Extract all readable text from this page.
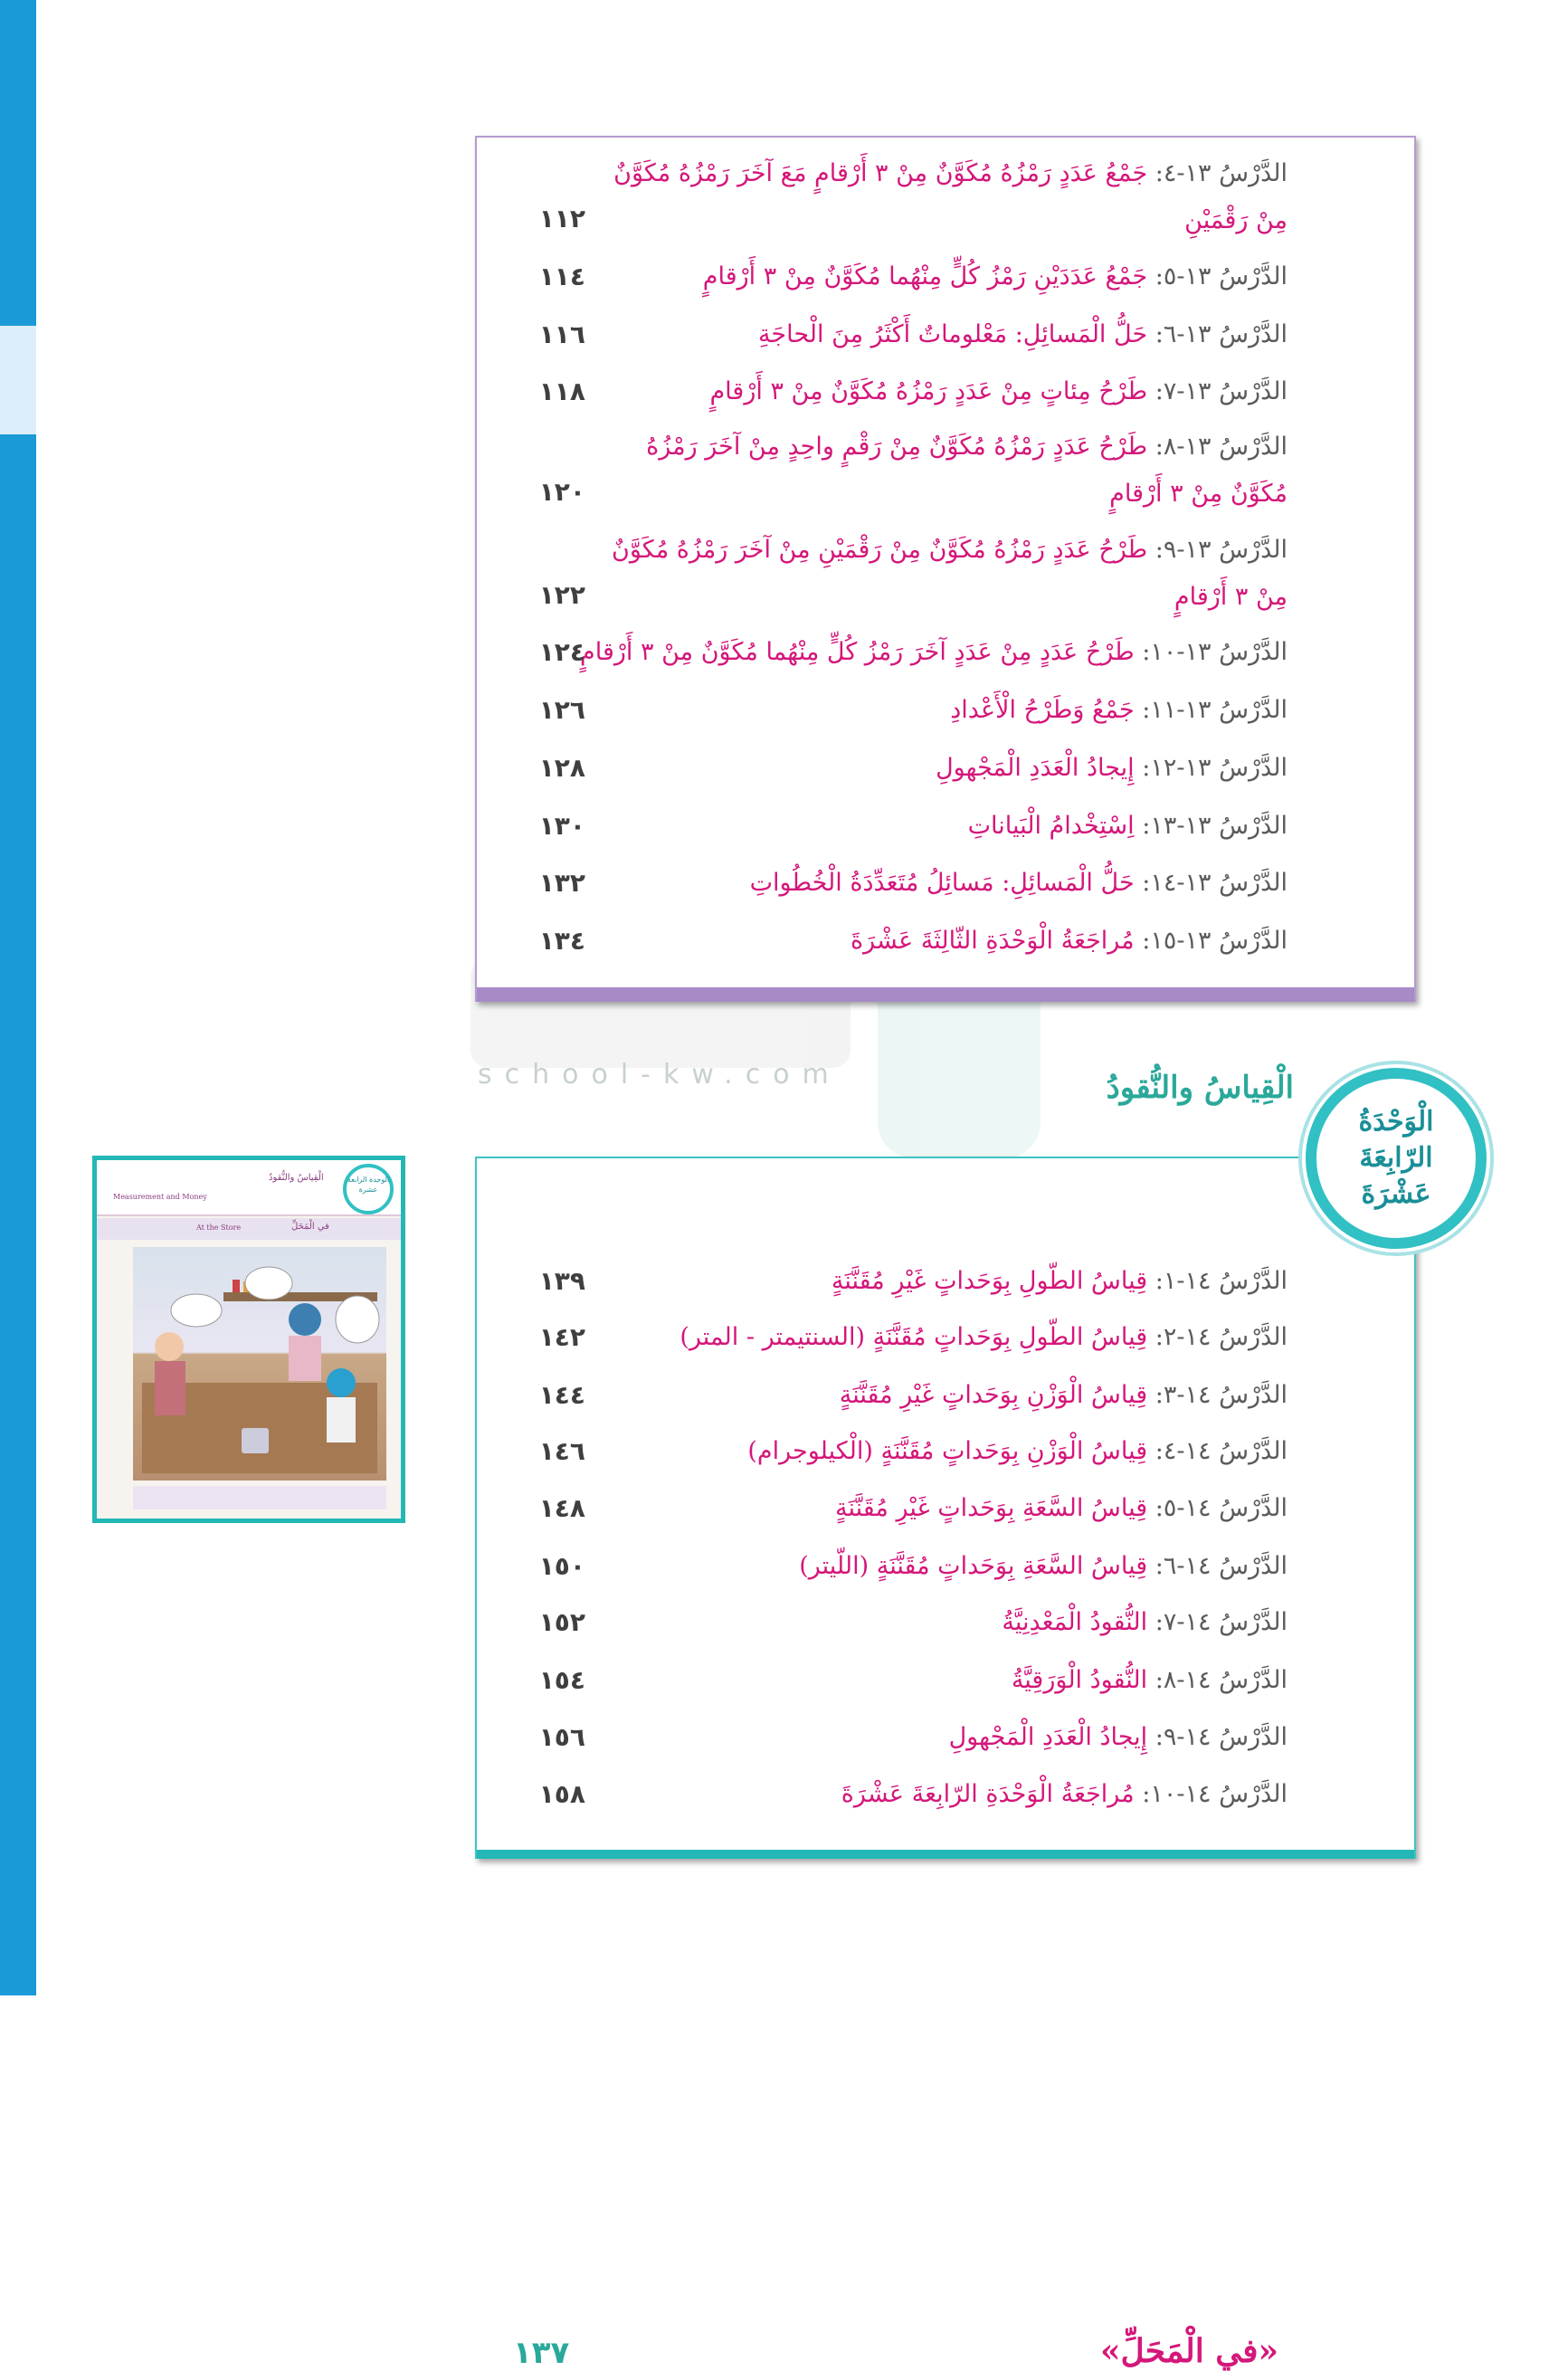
school-kw.com
الدَّرْسُ ١٣-٤: جَمْعُ عَدَدٍ رَمْزُهُ مُكَوَّنٌ مِنْ ٣ أَرْقامٍ مَعَ آخَرَ رَمْزُهُ مُكَوَّنٌ مِنْ رَقْمَيْنِ
١١٢
الدَّرْسُ ١٣-٥: جَمْعُ عَدَدَيْنِ رَمْزُ كُلٍّ مِنْهُما مُكَوَّنٌ مِنْ ٣ أَرْقامٍ
١١٤
الدَّرْسُ ١٣-٦: حَلُّ الْمَسائِلِ: مَعْلوماتٌ أَكْثَرُ مِنَ الْحاجَةِ
١١٦
الدَّرْسُ ١٣-٧: طَرْحُ مِئاتٍ مِنْ عَدَدٍ رَمْزُهُ مُكَوَّنٌ مِنْ ٣ أَرْقامٍ
١١٨
الدَّرْسُ ١٣-٨: طَرْحُ عَدَدٍ رَمْزُهُ مُكَوَّنٌ مِنْ رَقْمٍ واحِدٍ مِنْ آخَرَ رَمْزُهُ مُكَوَّنٌ مِنْ ٣ أَرْقامٍ
١٢٠
الدَّرْسُ ١٣-٩: طَرْحُ عَدَدٍ رَمْزُهُ مُكَوَّنٌ مِنْ رَقْمَيْنِ مِنْ آخَرَ رَمْزُهُ مُكَوَّنٌ مِنْ ٣ أَرْقامٍ
١٢٢
الدَّرْسُ ١٣-١٠: طَرْحُ عَدَدٍ مِنْ عَدَدٍ آخَرَ رَمْزُ كُلٍّ مِنْهُما مُكَوَّنٌ مِنْ ٣ أَرْقامٍ
١٢٤
الدَّرْسُ ١٣-١١: جَمْعُ وَطَرْحُ الْأَعْدادِ
١٢٦
الدَّرْسُ ١٣-١٢: إِيجادُ الْعَدَدِ الْمَجْهولِ
١٢٨
الدَّرْسُ ١٣-١٣: اِسْتِخْدامُ الْبَياناتِ
١٣٠
الدَّرْسُ ١٣-١٤: حَلُّ الْمَسائِلِ: مَسائِلُ مُتَعَدِّدَةُ الْخُطُواتِ
١٣٢
الدَّرْسُ ١٣-١٥: مُراجَعَةُ الْوَحْدَةِ الثّالِثَةَ عَشْرَةَ
١٣٤
الْقِياسُ والنُّقودُ
«في الْمَحَلِّ»
١٣٧
الدَّرْسُ ١٤-١: قِياسُ الطّولِ بِوَحَداتٍ غَيْرِ مُقَنَّنَةٍ
١٣٩
الدَّرْسُ ١٤-٢: قِياسُ الطّولِ بِوَحَداتٍ مُقَنَّنَةٍ (السنتيمتر - المتر)
١٤٢
الدَّرْسُ ١٤-٣: قِياسُ الْوَزْنِ بِوَحَداتٍ غَيْرِ مُقَنَّنَةٍ
١٤٤
الدَّرْسُ ١٤-٤: قِياسُ الْوَزْنِ بِوَحَداتٍ مُقَنَّنَةٍ (الْكيلوجرام)
١٤٦
الدَّرْسُ ١٤-٥: قِياسُ السَّعَةِ بِوَحَداتٍ غَيْرِ مُقَنَّنَةٍ
١٤٨
الدَّرْسُ ١٤-٦: قِياسُ السَّعَةِ بِوَحَداتٍ مُقَنَّنَةٍ (اللّيتر)
١٥٠
الدَّرْسُ ١٤-٧: النُّقودُ الْمَعْدِنِيَّةُ
١٥٢
الدَّرْسُ ١٤-٨: النُّقودُ الْوَرَقِيَّةُ
١٥٤
الدَّرْسُ ١٤-٩: إِيجادُ الْعَدَدِ الْمَجْهولِ
١٥٦
الدَّرْسُ ١٤-١٠: مُراجَعَةُ الْوَحْدَةِ الرّابِعَةَ عَشْرَةَ
١٥٨
الْوَحْدَةُ الرّابِعَةَ عَشْرَةَ
Measurement and Money
الْقِياسُ والنُّقودُ	الوحدة الرابعة عشرة
At the Store	في الْمَحَلِّ
